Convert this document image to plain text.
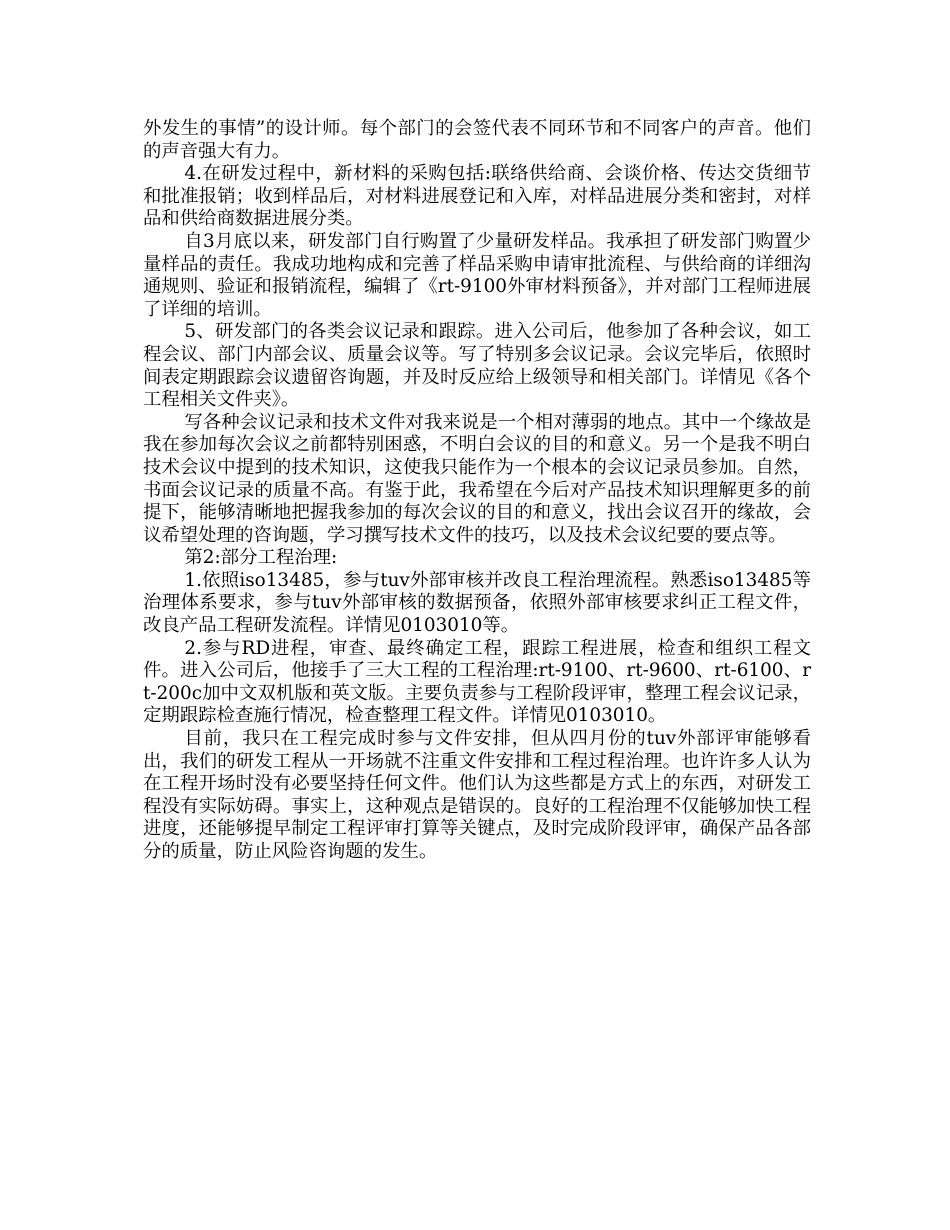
外发生的事情”的设计师。每个部门的会签代表不同环节和不同客户的声音。他们的声音强大有力。

4.在研发过程中，新材料的采购包括:联络供给商、会谈价格、传达交货细节和批准报销；收到样品后，对材料进展登记和入库，对样品进展分类和密封，对样品和供给商数据进展分类。

自3月底以来，研发部门自行购置了少量研发样品。我承担了研发部门购置少量样品的责任。我成功地构成和完善了样品采购申请审批流程、与供给商的详细沟通规则、验证和报销流程，编辑了《rt-9100外审材料预备》，并对部门工程师进展了详细的培训。

5、研发部门的各类会议记录和跟踪。进入公司后，他参加了各种会议，如工程会议、部门内部会议、质量会议等。写了特别多会议记录。会议完毕后，依照时间表定期跟踪会议遗留咨询题，并及时反应给上级领导和相关部门。详情见《各个工程相关文件夹》。

写各种会议记录和技术文件对我来说是一个相对薄弱的地点。其中一个缘故是我在参加每次会议之前都特别困惑，不明白会议的目的和意义。另一个是我不明白技术会议中提到的技术知识，这使我只能作为一个根本的会议记录员参加。自然，书面会议记录的质量不高。有鉴于此，我希望在今后对产品技术知识理解更多的前提下，能够清晰地把握我参加的每次会议的目的和意义，找出会议召开的缘故，会议希望处理的咨询题，学习撰写技术文件的技巧，以及技术会议纪要的要点等。

第2:部分工程治理:

1.依照iso13485，参与tuv外部审核并改良工程治理流程。熟悉iso13485等治理体系要求，参与tuv外部审核的数据预备，依照外部审核要求纠正工程文件，改良产品工程研发流程。详情见0103010等。

2.参与RD进程，审查、最终确定工程，跟踪工程进展，检查和组织工程文件。进入公司后，他接手了三大工程的工程治理:rt-9100、rt-9600、rt-6100、rt-200c加中文双机版和英文版。主要负责参与工程阶段评审，整理工程会议记录，定期跟踪检查施行情况，检查整理工程文件。详情见0103010。

目前，我只在工程完成时参与文件安排，但从四月份的tuv外部评审能够看出，我们的研发工程从一开场就不注重文件安排和工程过程治理。也许许多人认为在工程开场时没有必要坚持任何文件。他们认为这些都是方式上的东西，对研发工程没有实际妨碍。事实上，这种观点是错误的。良好的工程治理不仅能够加快工程进度，还能够提早制定工程评审打算等关键点，及时完成阶段评审，确保产品各部分的质量，防止风险咨询题的发生。
